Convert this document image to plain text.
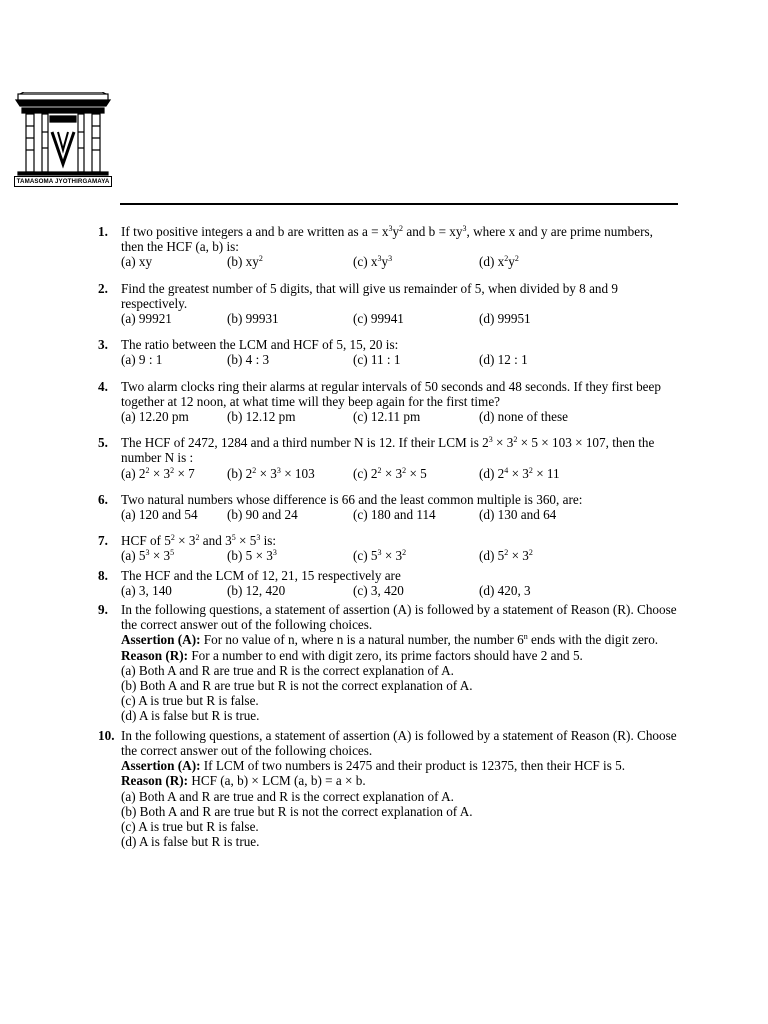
TAMASOMA JYOTHIRGAMAYA
1. If two positive integers a and b are written as $a = x^3y^2$ and $b = xy^3$, where x and y are prime numbers, then the HCF (a, b) is:
(a) xy	(b) $xy^2$	(c) $x^3y^3$	(d) $x^2y^2$
2. Find the greatest number of 5 digits, that will give us remainder of 5, when divided by 8 and 9 respectively.
(a) 99921	(b) 99931	(c) 99941	(d) 99951
3. The ratio between the LCM and HCF of 5, 15, 20 is:
(a) 9 : 1	(b) 4 : 3	(c) 11 : 1	(d) 12 : 1
4. Two alarm clocks ring their alarms at regular intervals of 50 seconds and 48 seconds. If they first beep together at 12 noon, at what time will they beep again for the first time?
(a) 12.20 pm	(b) 12.12 pm	(c) 12.11 pm	(d) none of these
5. The HCF of 2472, 1284 and a third number N is 12. If their LCM is $2^3 \times 3^2 \times 5 \times 103 \times 107$, then the number N is :
(a) $2^2 \times 3^2 \times 7$	(b) $2^2 \times 3^3 \times 103$	(c) $2^2 \times 3^2 \times 5$	(d) $2^4 \times 3^2 \times 11$
6. Two natural numbers whose difference is 66 and the least common multiple is 360, are:
(a) 120 and 54	(b) 90 and 24	(c) 180 and 114	(d) 130 and 64
7. HCF of $5^2 \times 3^2$ and $3^5 \times 5^3$ is:
(a) $5^3 \times 3^5$	(b) $5 \times 3^3$	(c) $5^3 \times 3^2$	(d) $5^2 \times 3^2$
8. The HCF and the LCM of 12, 21, 15 respectively are
(a) 3, 140	(b) 12, 420	(c) 3, 420	(d) 420, 3
9. In the following questions, a statement of assertion (A) is followed by a statement of Reason (R). Choose the correct answer out of the following choices.
Assertion (A): For no value of n, where n is a natural number, the number 6$^n$ ends with the digit zero.
Reason (R): For a number to end with digit zero, its prime factors should have 2 and 5.
(a) Both A and R are true and R is the correct explanation of A.
(b) Both A and R are true but R is not the correct explanation of A.
(c) A is true but R is false.
(d) A is false but R is true.
10. In the following questions, a statement of assertion (A) is followed by a statement of Reason (R). Choose the correct answer out of the following choices.
Assertion (A): If LCM of two numbers is 2475 and their product is 12375, then their HCF is 5.
Reason (R): HCF (a, b) × LCM (a, b) = a × b.
(a) Both A and R are true and R is the correct explanation of A.
(b) Both A and R are true but R is not the correct explanation of A.
(c) A is true but R is false.
(d) A is false but R is true.
